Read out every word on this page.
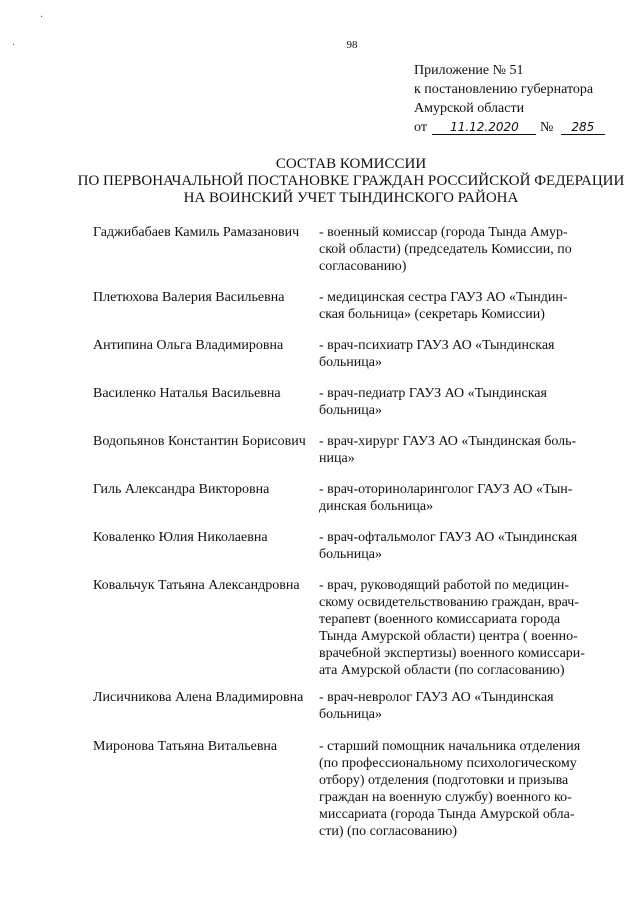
·
·	98
Приложение № 51
к постановлению губернатора
Амурской области
от 11.12.2020 № 285
СОСТАВ КОМИССИИ
ПО ПЕРВОНАЧАЛЬНОЙ ПОСТАНОВКЕ ГРАЖДАН РОССИЙСКОЙ ФЕДЕРАЦИИ
НА ВОИНСКИЙ УЧЕТ ТЫНДИНСКОГО РАЙОНА
Гаджибабаев Камиль Рамазанович	- военный комиссар (города Тында Амур-
ской области) (председатель Комиссии, по
согласованию)
Плетюхова Валерия Васильевна	- медицинская сестра ГАУЗ АО «Тындин-
ская больница» (секретарь Комиссии)
Антипина Ольга Владимировна	- врач-психиатр ГАУЗ АО «Тындинская
больница»
Василенко Наталья Васильевна	- врач-педиатр ГАУЗ АО «Тындинская
больница»
Водопьянов Константин Борисович - врач-хирург ГАУЗ АО «Тындинская боль-
ница»
Гиль Александра Викторовна	- врач-оториноларинголог ГАУЗ АО «Тын-
динская больница»
Коваленко Юлия Николаевна	- врач-офтальмолог ГАУЗ АО «Тындинская
больница»
Ковальчук Татьяна Александровна	- врач, руководящий работой по медицин-
скому освидетельствованию граждан, врач-
терапевт (военного комиссариата города
Тында Амурской области) центра ( военно-
врачебной экспертизы) военного комиссари-
ата Амурской области (по согласованию)
Лисичникова Алена Владимировна	- врач-невролог ГАУЗ АО «Тындинская
больница»
Миронова Татьяна Витальевна	- старший помощник начальника отделения
(по профессиональному психологическому
отбору) отделения (подготовки и призыва
граждан на военную службу) военного ко-
миссариата (города Тында Амурской обла-
сти) (по согласованию)
